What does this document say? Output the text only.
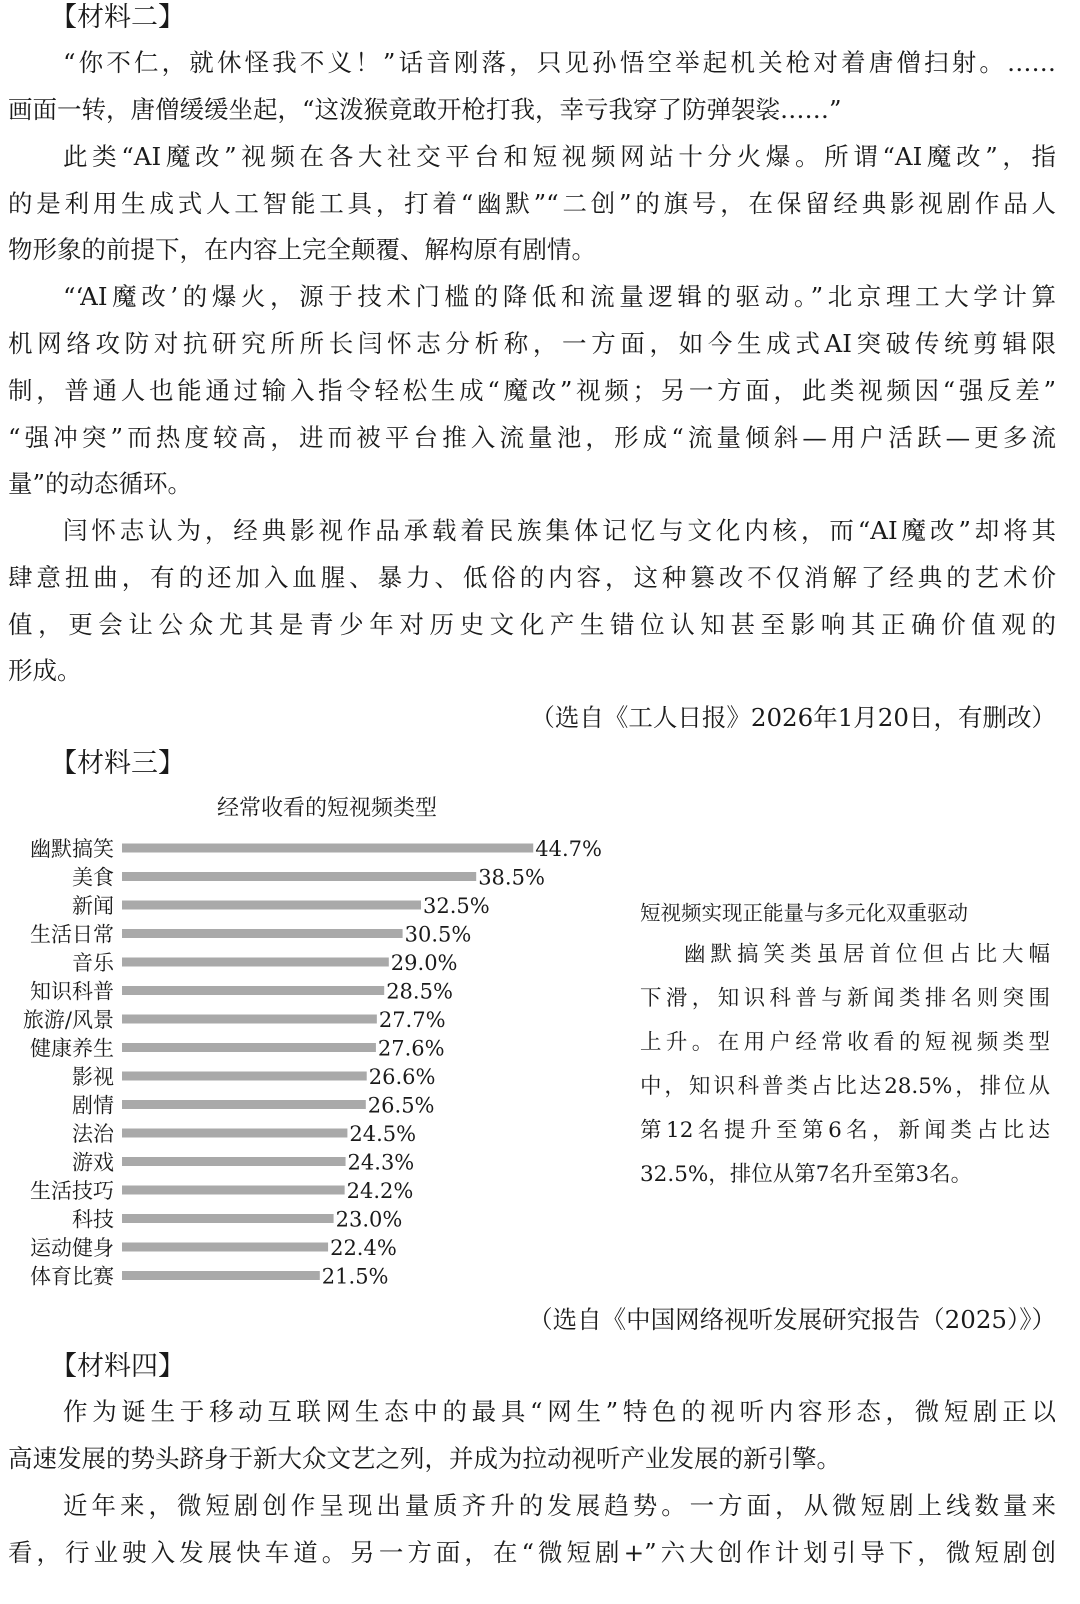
【材料二】
“你不仁，就休怪我不义！”话音刚落，只见孙悟空举起机关枪对着唐僧扫射。……
画面一转，唐僧缓缓坐起，“这泼猴竟敢开枪打我，幸亏我穿了防弹袈裟……”
此类“AI魔改”视频在各大社交平台和短视频网站十分火爆。所谓“AI魔改”，指
的是利用生成式人工智能工具，打着“幽默”“二创”的旗号，在保留经典影视剧作品人
物形象的前提下，在内容上完全颠覆、解构原有剧情。
“‘AI魔改’的爆火，源于技术门槛的降低和流量逻辑的驱动。”北京理工大学计算
机网络攻防对抗研究所所长闫怀志分析称，一方面，如今生成式AI突破传统剪辑限
制，普通人也能通过输入指令轻松生成“魔改”视频；另一方面，此类视频因“强反差”
“强冲突”而热度较高，进而被平台推入流量池，形成“流量倾斜—用户活跃—更多流
量”的动态循环。
闫怀志认为，经典影视作品承载着民族集体记忆与文化内核，而“AI魔改”却将其
肆意扭曲，有的还加入血腥、暴力、低俗的内容，这种篡改不仅消解了经典的艺术价
值，更会让公众尤其是青少年对历史文化产生错位认知甚至影响其正确价值观的
形成。
（选自《工人日报》2026年1月20日，有删改）
【材料三】
经常收看的短视频类型
幽默搞笑	44.7%
美食	38.5%
新闻	32.5%
生活日常	30.5%
音乐	29.0%
知识科普	28.5%
旅游/风景	27.7%
健康养生	27.6%
影视	26.6%
剧情	26.5%
法治	24.5%
游戏	24.3%
生活技巧	24.2%
科技	23.0%
运动健身	22.4%
体育比赛	21.5%
短视频实现正能量与多元化双重驱动
幽默搞笑类虽居首位但占比大幅
下滑，知识科普与新闻类排名则突围
上升。在用户经常收看的短视频类型
中，知识科普类占比达28.5%，排位从
第12名提升至第6名，新闻类占比达
32.5%，排位从第7名升至第3名。
（选自《中国网络视听发展研究报告（2025）》）
【材料四】
作为诞生于移动互联网生态中的最具“网生”特色的视听内容形态，微短剧正以
高速发展的势头跻身于新大众文艺之列，并成为拉动视听产业发展的新引擎。
近年来，微短剧创作呈现出量质齐升的发展趋势。一方面，从微短剧上线数量来
看，行业驶入发展快车道。另一方面，在“微短剧+”六大创作计划引导下，微短剧创
